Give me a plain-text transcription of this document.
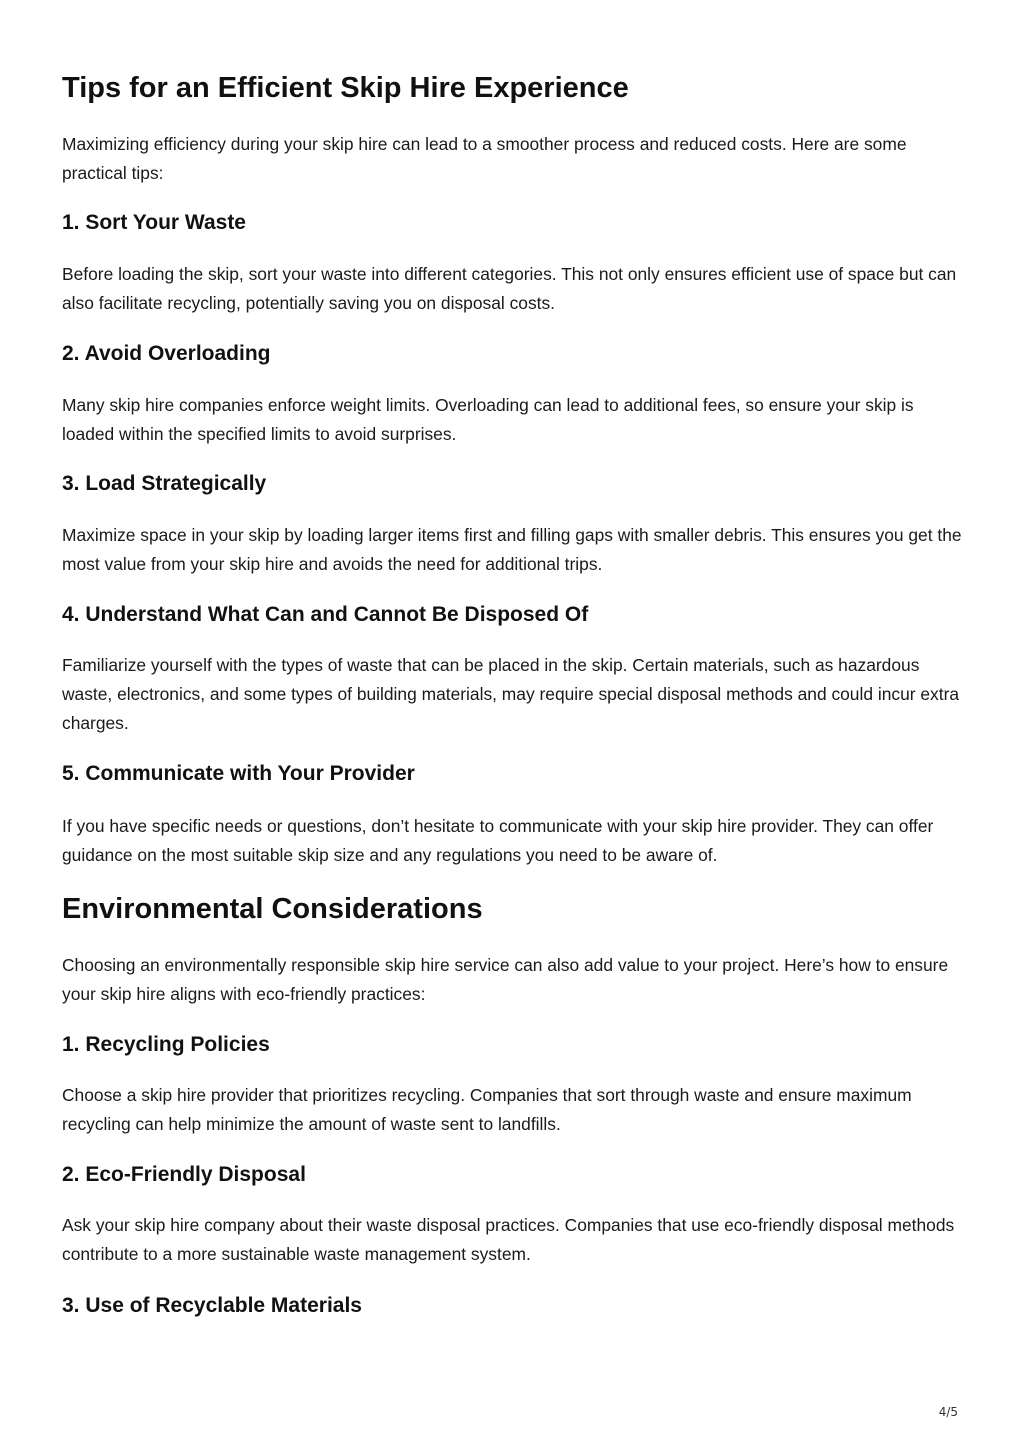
Tips for an Efficient Skip Hire Experience

Maximizing efficiency during your skip hire can lead to a smoother process and reduced costs. Here are some practical tips:

1. Sort Your Waste

Before loading the skip, sort your waste into different categories. This not only ensures efficient use of space but can also facilitate recycling, potentially saving you on disposal costs.

2. Avoid Overloading

Many skip hire companies enforce weight limits. Overloading can lead to additional fees, so ensure your skip is loaded within the specified limits to avoid surprises.

3. Load Strategically

Maximize space in your skip by loading larger items first and filling gaps with smaller debris. This ensures you get the most value from your skip hire and avoids the need for additional trips.

4. Understand What Can and Cannot Be Disposed Of

Familiarize yourself with the types of waste that can be placed in the skip. Certain materials, such as hazardous waste, electronics, and some types of building materials, may require special disposal methods and could incur extra charges.

5. Communicate with Your Provider

If you have specific needs or questions, don’t hesitate to communicate with your skip hire provider. They can offer guidance on the most suitable skip size and any regulations you need to be aware of.

Environmental Considerations

Choosing an environmentally responsible skip hire service can also add value to your project. Here’s how to ensure your skip hire aligns with eco-friendly practices:

1. Recycling Policies

Choose a skip hire provider that prioritizes recycling. Companies that sort through waste and ensure maximum recycling can help minimize the amount of waste sent to landfills.

2. Eco-Friendly Disposal

Ask your skip hire company about their waste disposal practices. Companies that use eco-friendly disposal methods contribute to a more sustainable waste management system.

3. Use of Recyclable Materials
4/5
